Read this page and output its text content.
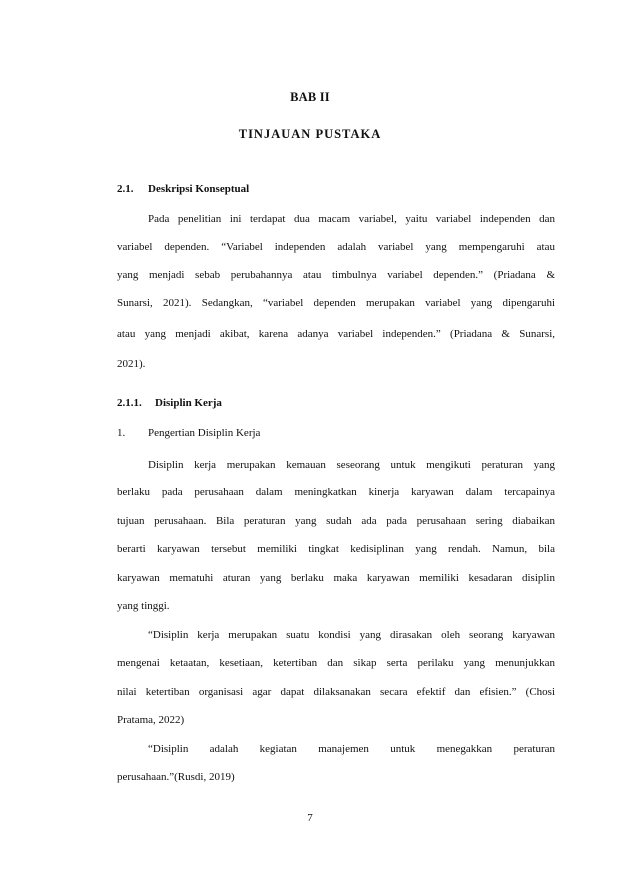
BAB II
TINJAUAN PUSTAKA
2.1. Deskripsi Konseptual
Pada penelitian ini terdapat dua macam variabel, yaitu variabel independen dan
variabel dependen. “Variabel independen adalah variabel yang mempengaruhi atau
yang menjadi sebab perubahannya atau timbulnya variabel dependen.” (Priadana &
Sunarsi, 2021). Sedangkan, “variabel dependen merupakan variabel yang dipengaruhi
atau yang menjadi akibat, karena adanya variabel independen.” (Priadana & Sunarsi,
2021).
2.1.1. Disiplin Kerja
1. Pengertian Disiplin Kerja
Disiplin kerja merupakan kemauan seseorang untuk mengikuti peraturan yang
berlaku pada perusahaan dalam meningkatkan kinerja karyawan dalam tercapainya
tujuan perusahaan. Bila peraturan yang sudah ada pada perusahaan sering diabaikan
berarti karyawan tersebut memiliki tingkat kedisiplinan yang rendah. Namun, bila
karyawan mematuhi aturan yang berlaku maka karyawan memiliki kesadaran disiplin
yang tinggi.
“Disiplin kerja merupakan suatu kondisi yang dirasakan oleh seorang karyawan
mengenai ketaatan, kesetiaan, ketertiban dan sikap serta perilaku yang menunjukkan
nilai ketertiban organisasi agar dapat dilaksanakan secara efektif dan efisien.” (Chosi
Pratama, 2022)
“Disiplin adalah kegiatan manajemen untuk menegakkan peraturan
perusahaan.”(Rusdi, 2019)
7
